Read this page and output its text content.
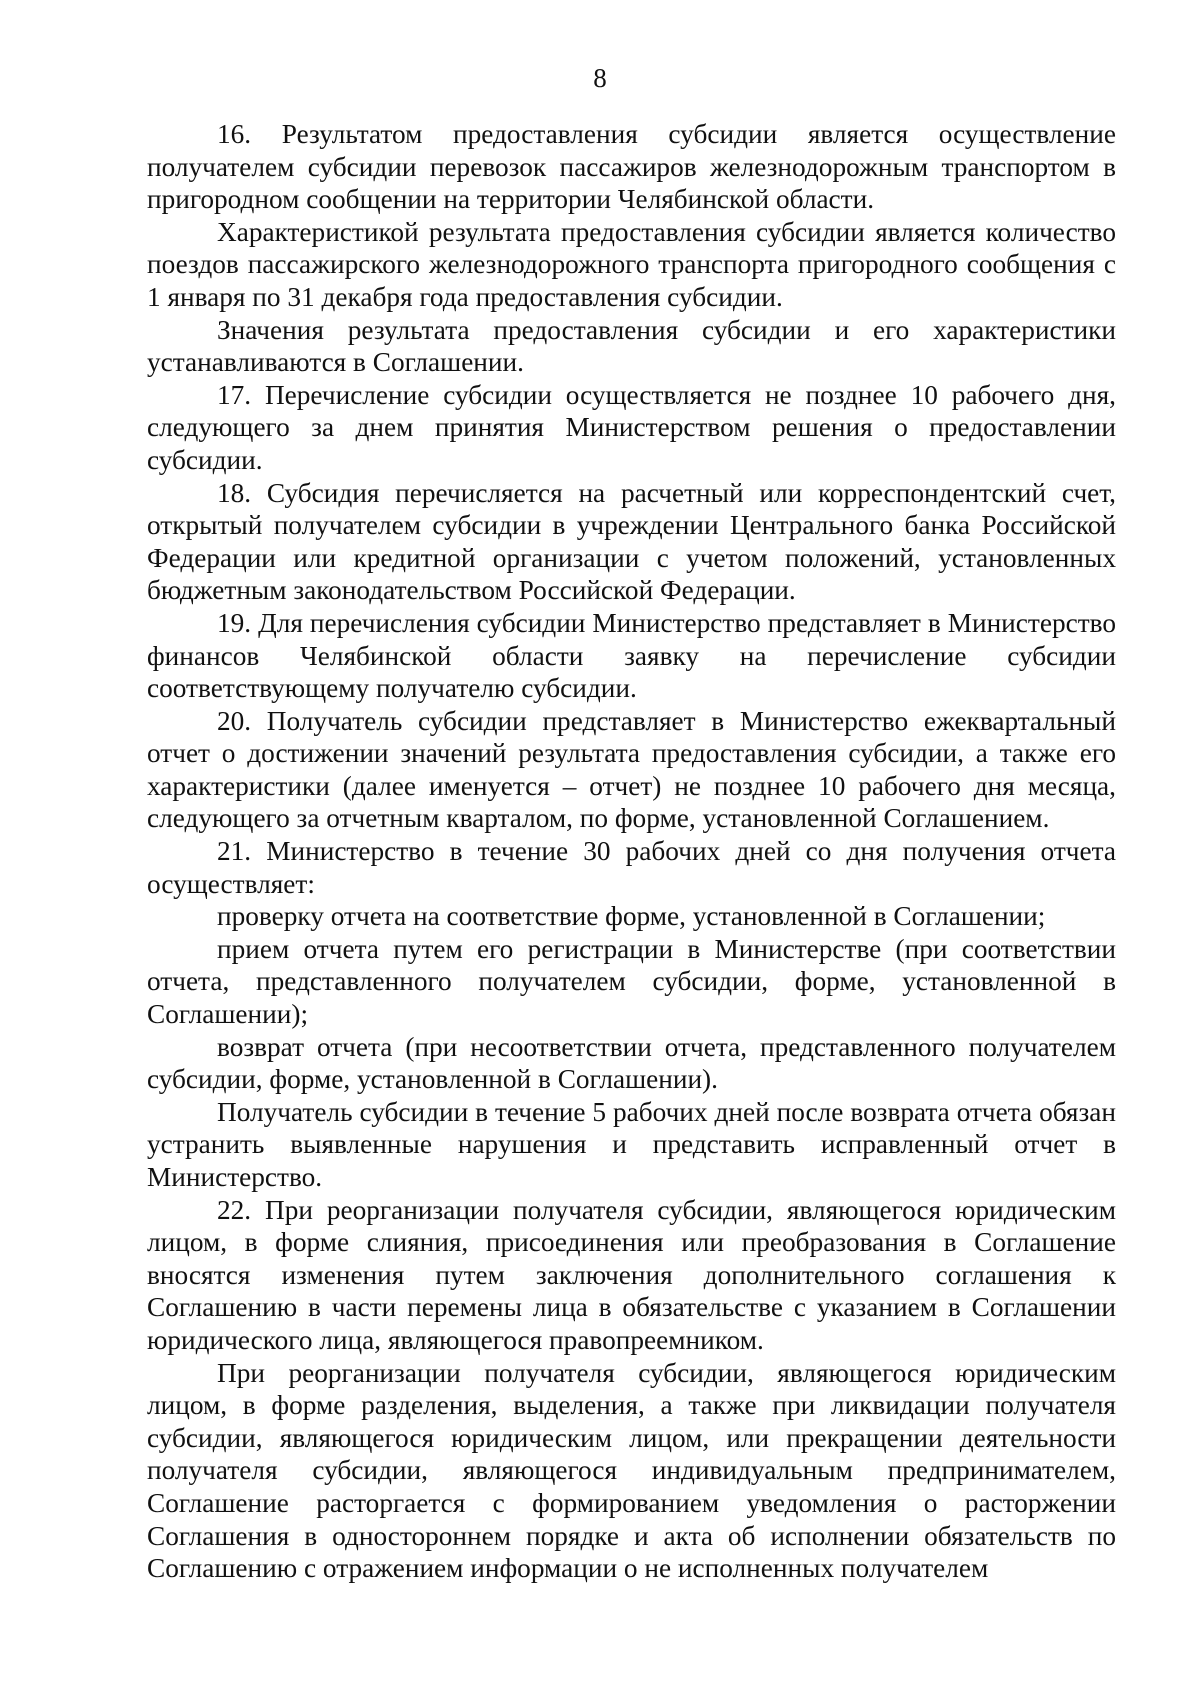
8

16. Результатом предоставления субсидии является осуществление получателем субсидии перевозок пассажиров железнодорожным транспортом в пригородном сообщении на территории Челябинской области.

Характеристикой результата предоставления субсидии является количество поездов пассажирского железнодорожного транспорта пригородного сообщения с 1 января по 31 декабря года предоставления субсидии.

Значения результата предоставления субсидии и его характеристики устанавливаются в Соглашении.

17. Перечисление субсидии осуществляется не позднее 10 рабочего дня, следующего за днем принятия Министерством решения о предоставлении субсидии.

18. Субсидия перечисляется на расчетный или корреспондентский счет, открытый получателем субсидии в учреждении Центрального банка Российской Федерации или кредитной организации с учетом положений, установленных бюджетным законодательством Российской Федерации.

19. Для перечисления субсидии Министерство представляет в Министерство финансов Челябинской области заявку на перечисление субсидии соответствующему получателю субсидии.

20. Получатель субсидии представляет в Министерство ежеквартальный отчет о достижении значений результата предоставления субсидии, а также его характеристики (далее именуется – отчет) не позднее 10 рабочего дня месяца, следующего за отчетным кварталом, по форме, установленной Соглашением.

21. Министерство в течение 30 рабочих дней со дня получения отчета осуществляет:

проверку отчета на соответствие форме, установленной в Соглашении;

прием отчета путем его регистрации в Министерстве (при соответствии отчета, представленного получателем субсидии, форме, установленной в Соглашении);

возврат отчета (при несоответствии отчета, представленного получателем субсидии, форме, установленной в Соглашении).

Получатель субсидии в течение 5 рабочих дней после возврата отчета обязан устранить выявленные нарушения и представить исправленный отчет в Министерство.

22. При реорганизации получателя субсидии, являющегося юридическим лицом, в форме слияния, присоединения или преобразования в Соглашение вносятся изменения путем заключения дополнительного соглашения к Соглашению в части перемены лица в обязательстве с указанием в Соглашении юридического лица, являющегося правопреемником.

При реорганизации получателя субсидии, являющегося юридическим лицом, в форме разделения, выделения, а также при ликвидации получателя субсидии, являющегося юридическим лицом, или прекращении деятельности получателя субсидии, являющегося индивидуальным предпринимателем, Соглашение расторгается с формированием уведомления о расторжении Соглашения в одностороннем порядке и акта об исполнении обязательств по Соглашению с отражением информации о не исполненных получателем
